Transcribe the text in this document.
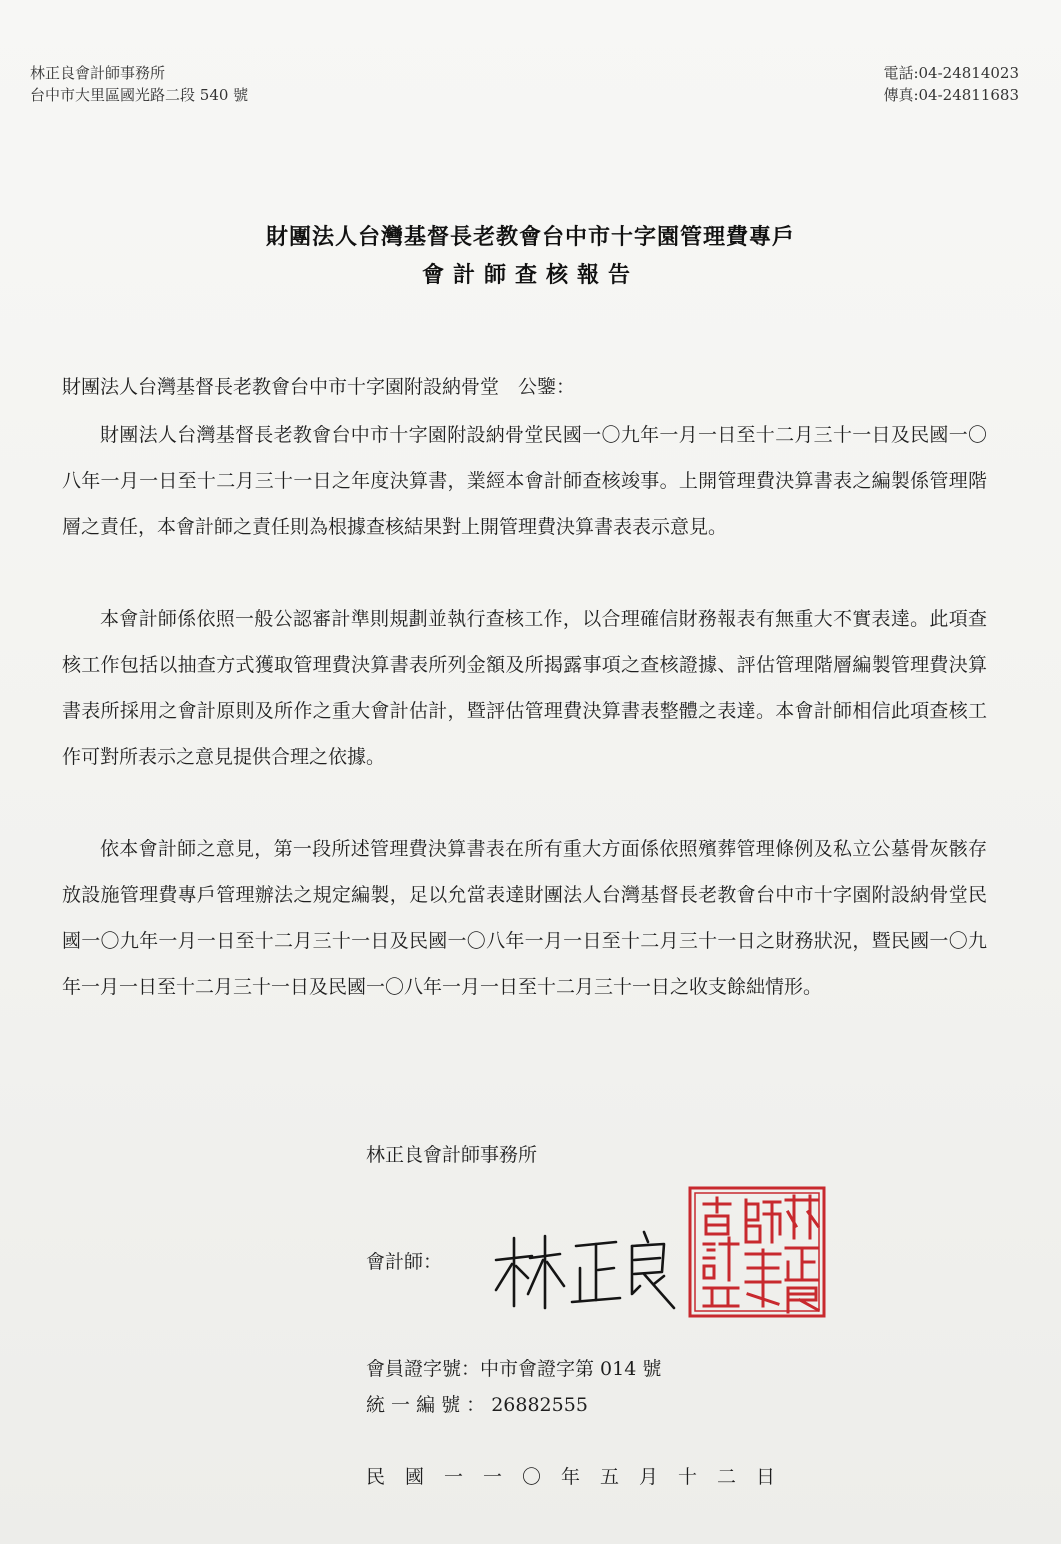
林正良會計師事務所
台中市大里區國光路二段 540 號
電話:04-24814023
傳真:04-24811683
財團法人台灣基督長老教會台中市十字園管理費專戶
會計師查核報告
財團法人台灣基督長老教會台中市十字園附設納骨堂　公鑒：
財團法人台灣基督長老教會台中市十字園附設納骨堂民國一〇九年一月一日至十二月三十一日及民國一〇八年一月一日至十二月三十一日之年度決算書，業經本會計師查核竣事。上開管理費決算書表之編製係管理階層之責任，本會計師之責任則為根據查核結果對上開管理費決算書表表示意見。
本會計師係依照一般公認審計準則規劃並執行查核工作，以合理確信財務報表有無重大不實表達。此項查核工作包括以抽查方式獲取管理費決算書表所列金額及所揭露事項之查核證據、評估管理階層編製管理費決算書表所採用之會計原則及所作之重大會計估計，暨評估管理費決算書表整體之表達。本會計師相信此項查核工作可對所表示之意見提供合理之依據。
依本會計師之意見，第一段所述管理費決算書表在所有重大方面係依照殯葬管理條例及私立公墓骨灰骸存放設施管理費專戶管理辦法之規定編製，足以允當表達財團法人台灣基督長老教會台中市十字園附設納骨堂民國一〇九年一月一日至十二月三十一日及民國一〇八年一月一日至十二月三十一日之財務狀況，暨民國一〇九年一月一日至十二月三十一日及民國一〇八年一月一日至十二月三十一日之收支餘絀情形。
林正良會計師事務所
會計師：
會員證字號：中市會證字第 014 號
統 一 編 號 ： 26882555
民國一一〇年五月十二日
